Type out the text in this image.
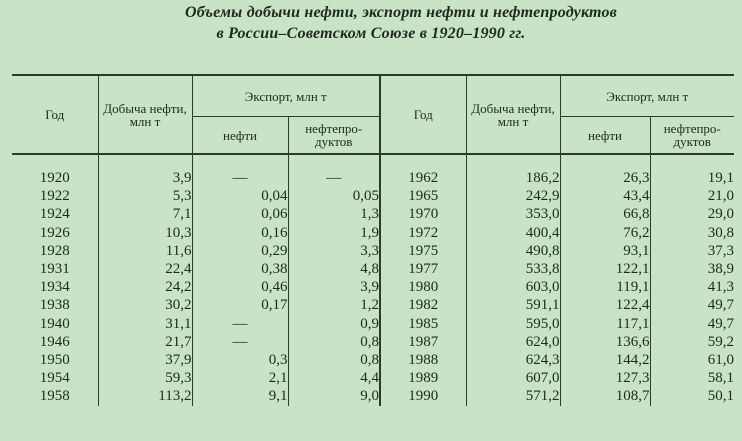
Объемы добычи нефти, экспорт нефти и нефтепродуктов
в России–Советском Союзе в 1920–1990 гг.
Год	Добыча нефти, млн т	Экспорт, млн т		Год	Добыча нефти, млн т	Экспорт, млн т	
		нефти	нефтепро-дуктов			нефти	нефтепро-дуктов

1920	3,9	—	—	1962	186,2	26,3	19,1
1922	5,3	0,04	0,05	1965	242,9	43,4	21,0
1924	7,1	0,06	1,3	1970	353,0	66,8	29,0
1926	10,3	0,16	1,9	1972	400,4	76,2	30,8
1928	11,6	0,29	3,3	1975	490,8	93,1	37,3
1931	22,4	0,38	4,8	1977	533,8	122,1	38,9
1934	24,2	0,46	3,9	1980	603,0	119,1	41,3
1938	30,2	0,17	1,2	1982	591,1	122,4	49,7
1940	31,1	—	0,9	1985	595,0	117,1	49,7
1946	21,7	—	0,8	1987	624,0	136,6	59,2
1950	37,9	0,3	0,8	1988	624,3	144,2	61,0
1954	59,3	2,1	4,4	1989	607,0	127,3	58,1
1958	113,2	9,1	9,0	1990	571,2	108,7	50,1
